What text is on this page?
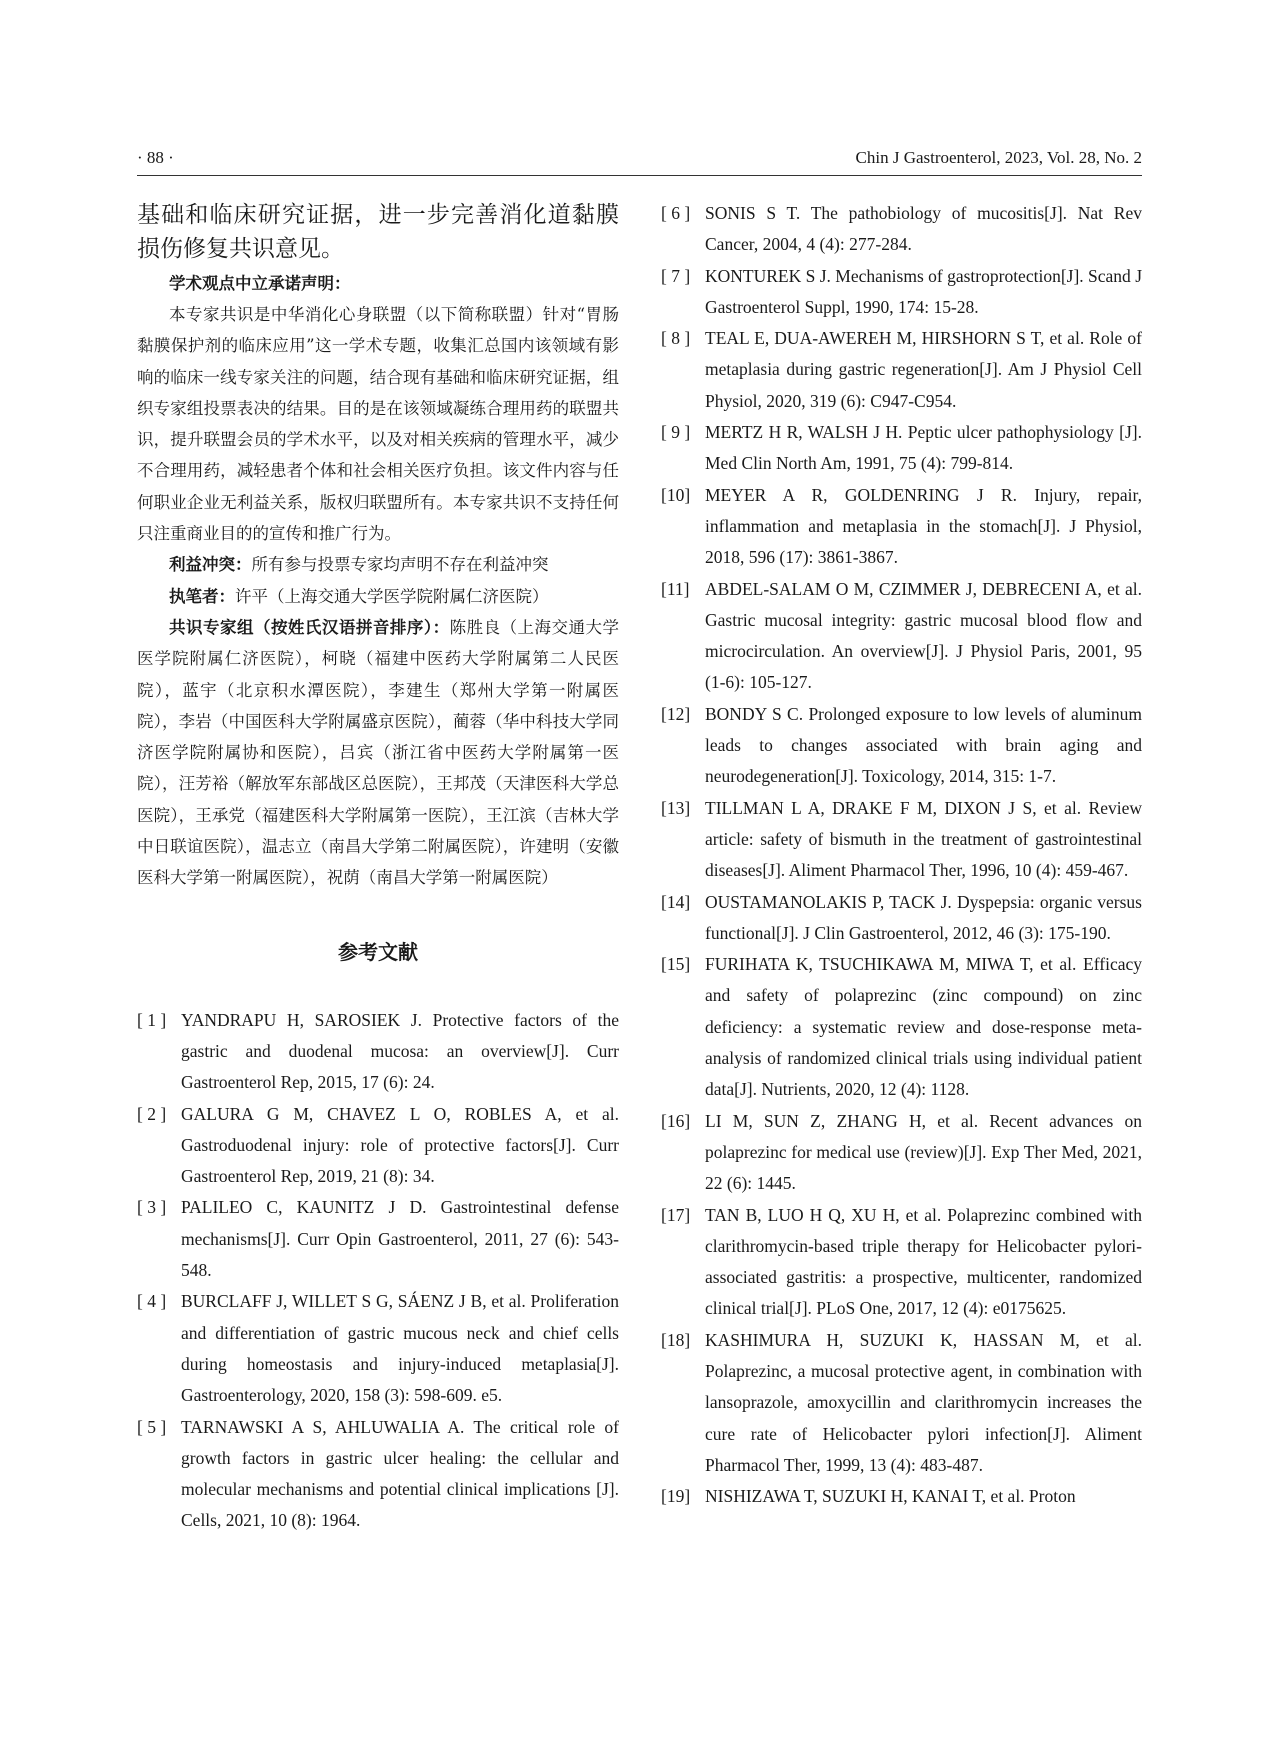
· 88 ·	Chin J Gastroenterol, 2023, Vol. 28, No. 2

基础和临床研究证据，进一步完善消化道黏膜损伤修复共识意见。

学术观点中立承诺声明：

本专家共识是中华消化心身联盟（以下简称联盟）针对“胃肠黏膜保护剂的临床应用”这一学术专题，收集汇总国内该领域有影响的临床一线专家关注的问题，结合现有基础和临床研究证据，组织专家组投票表决的结果。目的是在该领域凝练合理用药的联盟共识，提升联盟会员的学术水平，以及对相关疾病的管理水平，减少不合理用药，减轻患者个体和社会相关医疗负担。该文件内容与任何职业企业无利益关系，版权归联盟所有。本专家共识不支持任何只注重商业目的的宣传和推广行为。

利益冲突：所有参与投票专家均声明不存在利益冲突

执笔者：许平（上海交通大学医学院附属仁济医院）

共识专家组（按姓氏汉语拼音排序）：陈胜良（上海交通大学医学院附属仁济医院），柯晓（福建中医药大学附属第二人民医院），蓝宇（北京积水潭医院），李建生（郑州大学第一附属医院），李岩（中国医科大学附属盛京医院），蔺蓉（华中科技大学同济医学院附属协和医院），吕宾（浙江省中医药大学附属第一医院），汪芳裕（解放军东部战区总医院），王邦茂（天津医科大学总医院），王承党（福建医科大学附属第一医院），王江滨（吉林大学中日联谊医院），温志立（南昌大学第二附属医院），许建明（安徽医科大学第一附属医院），祝荫（南昌大学第一附属医院）

参考文献
[ 1 ] YANDRAPU H, SAROSIEK J. Protective factors of the gastric and duodenal mucosa: an overview[J]. Curr Gastroenterol Rep, 2015, 17 (6): 24.
[ 2 ] GALURA G M, CHAVEZ L O, ROBLES A, et al. Gastroduodenal injury: role of protective factors[J]. Curr Gastroenterol Rep, 2019, 21 (8): 34.
[ 3 ] PALILEO C, KAUNITZ J D. Gastrointestinal defense mechanisms[J]. Curr Opin Gastroenterol, 2011, 27 (6): 543-548.
[ 4 ] BURCLAFF J, WILLET S G, SÁENZ J B, et al. Proliferation and differentiation of gastric mucous neck and chief cells during homeostasis and injury-induced metaplasia[J]. Gastroenterology, 2020, 158 (3): 598-609. e5.
[ 5 ] TARNAWSKI A S, AHLUWALIA A. The critical role of growth factors in gastric ulcer healing: the cellular and molecular mechanisms and potential clinical implications [J]. Cells, 2021, 10 (8): 1964.
[ 6 ] SONIS S T. The pathobiology of mucositis[J]. Nat Rev Cancer, 2004, 4 (4): 277-284.
[ 7 ] KONTUREK S J. Mechanisms of gastroprotection[J]. Scand J Gastroenterol Suppl, 1990, 174: 15-28.
[ 8 ] TEAL E, DUA-AWEREH M, HIRSHORN S T, et al. Role of metaplasia during gastric regeneration[J]. Am J Physiol Cell Physiol, 2020, 319 (6): C947-C954.
[ 9 ] MERTZ H R, WALSH J H. Peptic ulcer pathophysiology [J]. Med Clin North Am, 1991, 75 (4): 799-814.
[10] MEYER A R, GOLDENRING J R. Injury, repair, inflammation and metaplasia in the stomach[J]. J Physiol, 2018, 596 (17): 3861-3867.
[11] ABDEL-SALAM O M, CZIMMER J, DEBRECENI A, et al. Gastric mucosal integrity: gastric mucosal blood flow and microcirculation. An overview[J]. J Physiol Paris, 2001, 95 (1-6): 105-127.
[12] BONDY S C. Prolonged exposure to low levels of aluminum leads to changes associated with brain aging and neurodegeneration[J]. Toxicology, 2014, 315: 1-7.
[13] TILLMAN L A, DRAKE F M, DIXON J S, et al. Review article: safety of bismuth in the treatment of gastrointestinal diseases[J]. Aliment Pharmacol Ther, 1996, 10 (4): 459-467.
[14] OUSTAMANOLAKIS P, TACK J. Dyspepsia: organic versus functional[J]. J Clin Gastroenterol, 2012, 46 (3): 175-190.
[15] FURIHATA K, TSUCHIKAWA M, MIWA T, et al. Efficacy and safety of polaprezinc (zinc compound) on zinc deficiency: a systematic review and dose-response meta-analysis of randomized clinical trials using individual patient data[J]. Nutrients, 2020, 12 (4): 1128.
[16] LI M, SUN Z, ZHANG H, et al. Recent advances on polaprezinc for medical use (review)[J]. Exp Ther Med, 2021, 22 (6): 1445.
[17] TAN B, LUO H Q, XU H, et al. Polaprezinc combined with clarithromycin-based triple therapy for Helicobacter pylori-associated gastritis: a prospective, multicenter, randomized clinical trial[J]. PLoS One, 2017, 12 (4): e0175625.
[18] KASHIMURA H, SUZUKI K, HASSAN M, et al. Polaprezinc, a mucosal protective agent, in combination with lansoprazole, amoxycillin and clarithromycin increases the cure rate of Helicobacter pylori infection[J]. Aliment Pharmacol Ther, 1999, 13 (4): 483-487.
[19] NISHIZAWA T, SUZUKI H, KANAI T, et al. Proton
